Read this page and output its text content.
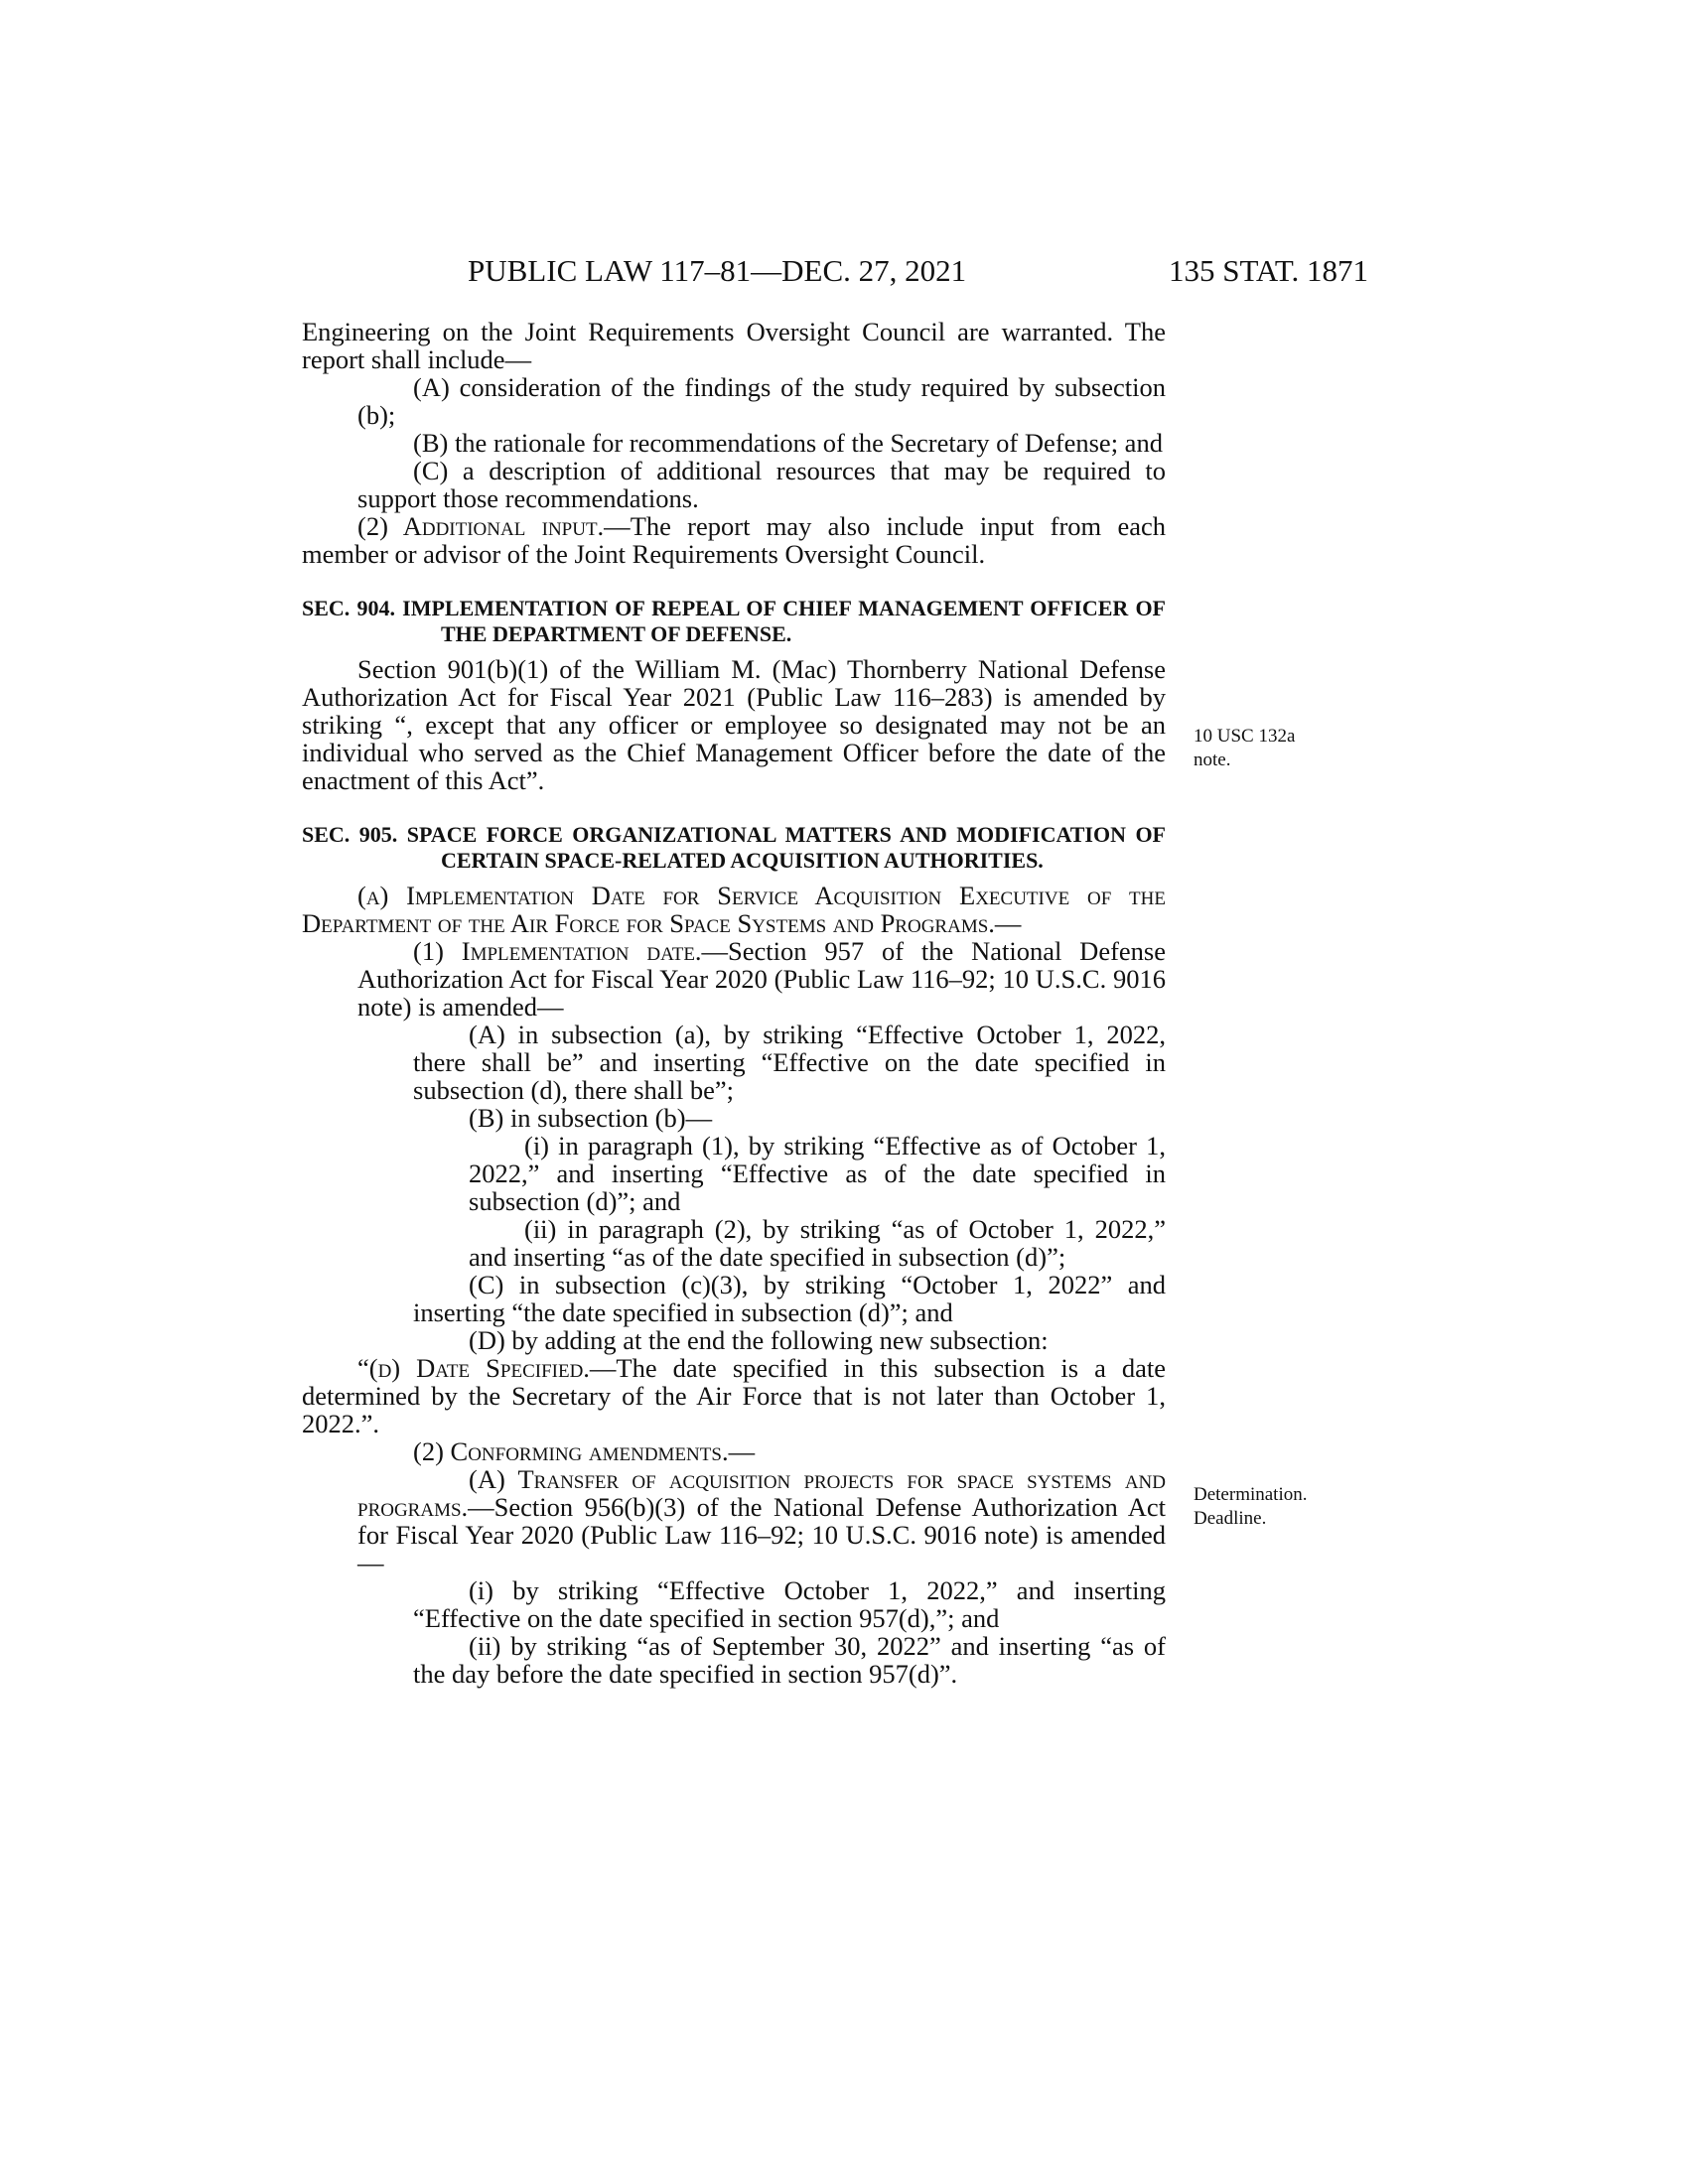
PUBLIC LAW 117–81—DEC. 27, 2021	135 STAT. 1871
10 USC 132a
note.
Determination.
Deadline.

Engineering on the Joint Requirements Oversight Council are warranted. The report shall include—

(A) consideration of the findings of the study required by subsection (b);

(B) the rationale for recommendations of the Secretary of Defense; and

(C) a description of additional resources that may be required to support those recommendations.

(2) Additional input.—The report may also include input from each member or advisor of the Joint Requirements Oversight Council.

SEC. 904. IMPLEMENTATION OF REPEAL OF CHIEF MANAGEMENT OFFICER OF THE DEPARTMENT OF DEFENSE.

Section 901(b)(1) of the William M. (Mac) Thornberry National Defense Authorization Act for Fiscal Year 2021 (Public Law 116–283) is amended by striking “, except that any officer or employee so designated may not be an individual who served as the Chief Management Officer before the date of the enactment of this Act”.

SEC. 905. SPACE FORCE ORGANIZATIONAL MATTERS AND MODIFICATION OF CERTAIN SPACE-RELATED ACQUISITION AUTHORITIES.

(a) Implementation Date for Service Acquisition Executive of the Department of the Air Force for Space Systems and Programs.—

(1) Implementation date.—Section 957 of the National Defense Authorization Act for Fiscal Year 2020 (Public Law 116–92; 10 U.S.C. 9016 note) is amended—

(A) in subsection (a), by striking “Effective October 1, 2022, there shall be” and inserting “Effective on the date specified in subsection (d), there shall be”;

(B) in subsection (b)—

(i) in paragraph (1), by striking “Effective as of October 1, 2022,” and inserting “Effective as of the date specified in subsection (d)”; and

(ii) in paragraph (2), by striking “as of October 1, 2022,” and inserting “as of the date specified in subsection (d)”;

(C) in subsection (c)(3), by striking “October 1, 2022” and inserting “the date specified in subsection (d)”; and

(D) by adding at the end the following new subsection:

“(d) Date Specified.—The date specified in this subsection is a date determined by the Secretary of the Air Force that is not later than October 1, 2022.”.

(2) Conforming amendments.—

(A) Transfer of acquisition projects for space systems and programs.—Section 956(b)(3) of the National Defense Authorization Act for Fiscal Year 2020 (Public Law 116–92; 10 U.S.C. 9016 note) is amended—

(i) by striking “Effective October 1, 2022,” and inserting “Effective on the date specified in section 957(d),”; and

(ii) by striking “as of September 30, 2022” and inserting “as of the day before the date specified in section 957(d)”.
